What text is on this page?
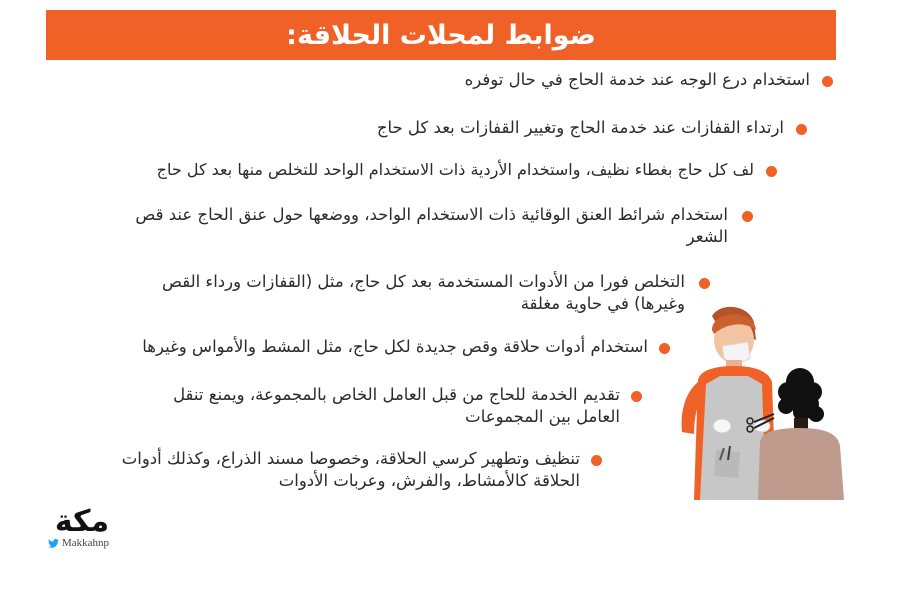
ضوابط لمحلات الحلاقة:
استخدام درع الوجه عند خدمة الحاج في حال توفره
ارتداء القفازات عند خدمة الحاج وتغيير القفازات بعد كل حاج
لف كل حاج بغطاء نظيف، واستخدام الأردية ذات الاستخدام الواحد للتخلص منها بعد كل حاج
استخدام شرائط العنق الوقائية ذات الاستخدام الواحد، ووضعها حول عنق الحاج عند قص
الشعر
التخلص فورا من الأدوات المستخدمة بعد كل حاج، مثل (القفازات ورداء القص
وغيرها) في حاوية مغلقة
استخدام أدوات حلاقة وقص جديدة لكل حاج، مثل المشط والأمواس وغيرها
تقديم الخدمة للحاج من قبل العامل الخاص بالمجموعة، ويمنع تنقل
العامل بين المجموعات
تنظيف وتطهير كرسي الحلاقة، وخصوصا مسند الذراع، وكذلك أدوات
الحلاقة كالأمشاط، والفرش، وعربات الأدوات
مكة
Makkahnp
